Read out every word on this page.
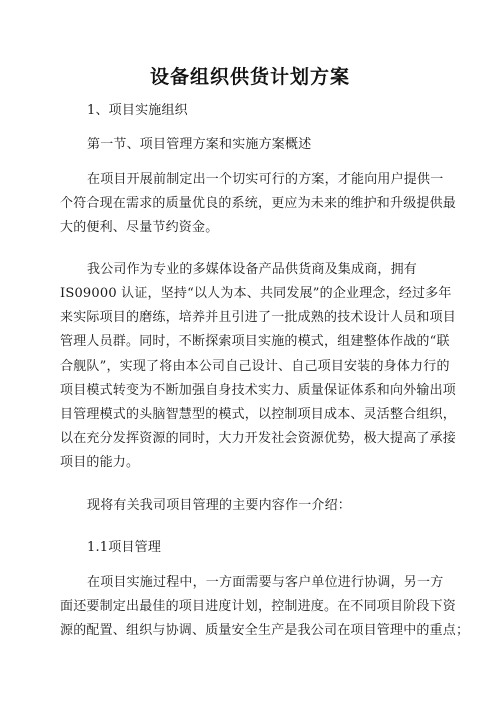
设备组织供货计划方案
1、项目实施组织
第一节、项目管理方案和实施方案概述
在项目开展前制定出一个切实可行的方案，才能向用户提供一
个符合现在需求的质量优良的系统，更应为未来的维护和升级提供最
大的便利、尽量节约资金。
我公司作为专业的多媒体设备产品供货商及集成商，拥有
IS09000 认证，坚持“以人为本、共同发展”的企业理念，经过多年
来实际项目的磨练，培养并且引进了一批成熟的技术设计人员和项目
管理人员群。同时，不断探索项目实施的模式，组建整体作战的“联
合舰队”，实现了将由本公司自己设计、自己项目安装的身体力行的
项目模式转变为不断加强自身技术实力、质量保证体系和向外输出项
目管理模式的头脑智慧型的模式，以控制项目成本、灵活整合组织，
以在充分发挥资源的同时，大力开发社会资源优势，极大提高了承接
项目的能力。
现将有关我司项目管理的主要内容作一介绍：
1.1项目管理
在项目实施过程中，一方面需要与客户单位进行协调，另一方
面还要制定出最佳的项目进度计划，控制进度。在不同项目阶段下资
源的配置、组织与协调、质量安全生产是我公司在项目管理中的重点；
